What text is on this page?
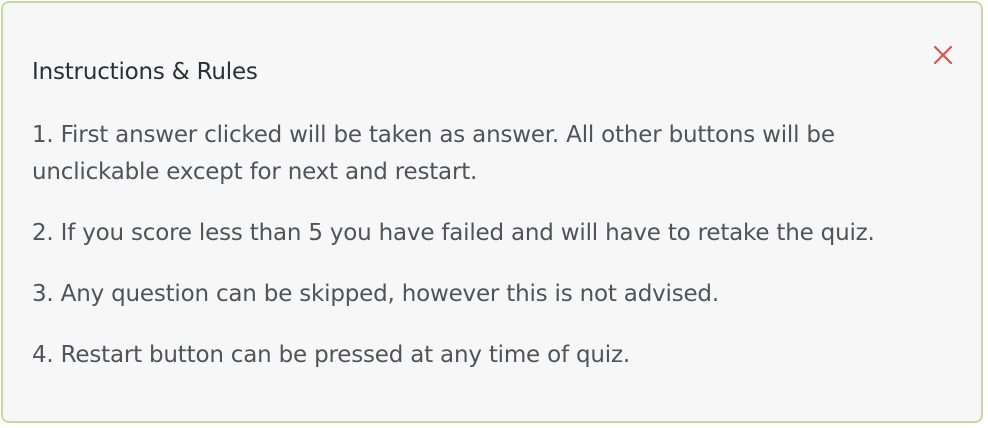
Instructions & Rules
1. First answer clicked will be taken as answer. All other buttons will be unclickable except for next and restart.
2. If you score less than 5 you have failed and will have to retake the quiz.
3. Any question can be skipped, however this is not advised.
4. Restart button can be pressed at any time of quiz.
